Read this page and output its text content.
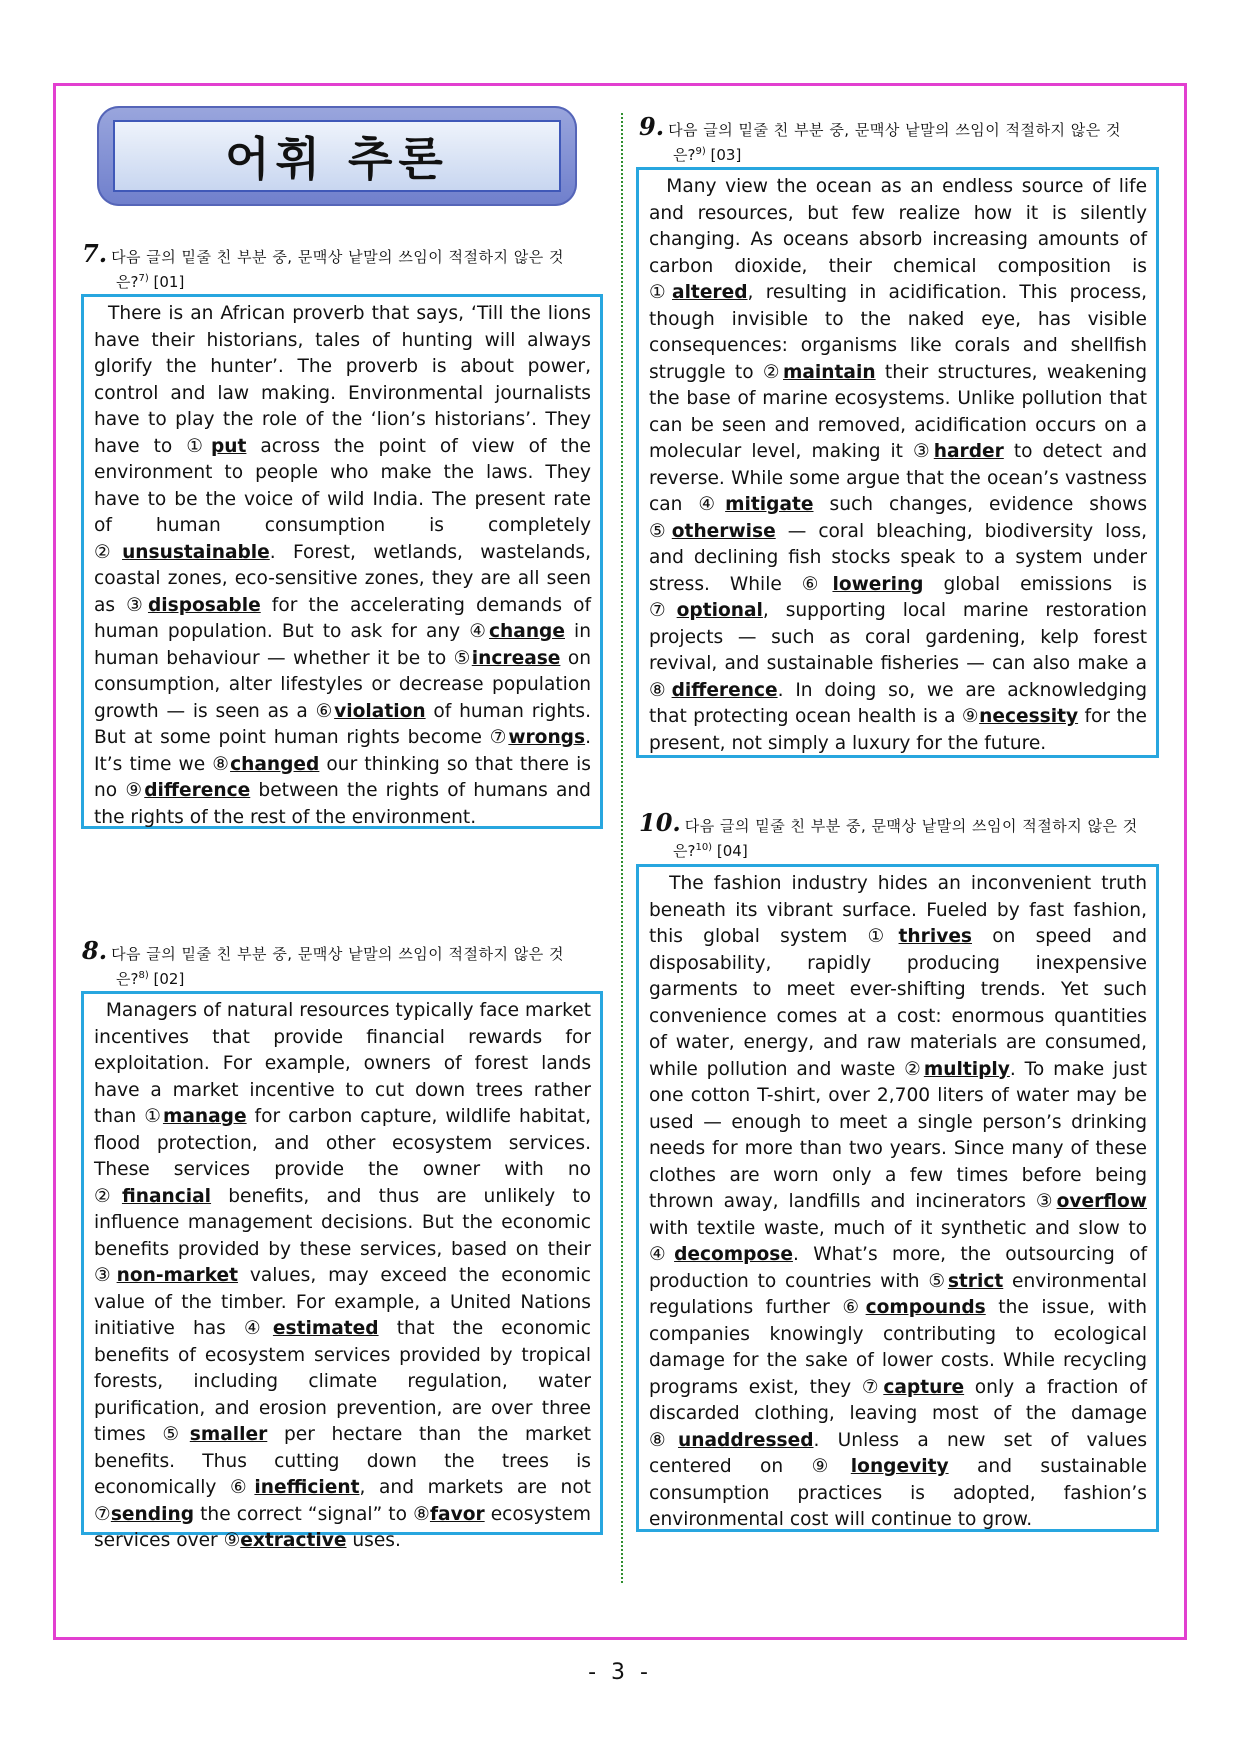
어휘 추론
7. 다음 글의 밑줄 친 부분 중, 문맥상 낱말의 쓰임이 적절하지 않은 것
은?$^{7)}$ [01]
There is an African proverb that says, ‘Till the lions have their historians, tales of hunting will always glorify the hunter’. The proverb is about power, control and law making. Environmental journalists have to play the role of the ‘lion’s historians’. They have to ①put across the point of view of the environment to people who make the laws. They have to be the voice of wild India. The present rate of human consumption is completely ②unsustainable. Forest, wetlands, wastelands, coastal zones, eco-sensitive zones, they are all seen as ③disposable for the accelerating demands of human population. But to ask for any ④change in human behaviour — whether it be to ⑤increase on consumption, alter lifestyles or decrease population growth — is seen as a ⑥violation of human rights. But at some point human rights become ⑦wrongs. It’s time we ⑧changed our thinking so that there is no ⑨difference between the rights of humans and the rights of the rest of the environment.
8. 다음 글의 밑줄 친 부분 중, 문맥상 낱말의 쓰임이 적절하지 않은 것
은?$^{8)}$ [02]
Managers of natural resources typically face market incentives that provide financial rewards for exploitation. For example, owners of forest lands have a market incentive to cut down trees rather than ①manage for carbon capture, wildlife habitat, flood protection, and other ecosystem services. These services provide the owner with no ②financial benefits, and thus are unlikely to influence management decisions. But the economic benefits provided by these services, based on their ③non-market values, may exceed the economic value of the timber. For example, a United Nations initiative has ④estimated that the economic benefits of ecosystem services provided by tropical forests, including climate regulation, water purification, and erosion prevention, are over three times ⑤smaller per hectare than the market benefits. Thus cutting down the trees is economically ⑥inefficient, and markets are not ⑦sending the correct “signal” to ⑧favor ecosystem services over ⑨extractive uses.
9. 다음 글의 밑줄 친 부분 중, 문맥상 낱말의 쓰임이 적절하지 않은 것
은?$^{9)}$ [03]
Many view the ocean as an endless source of life and resources, but few realize how it is silently changing. As oceans absorb increasing amounts of carbon dioxide, their chemical composition is ①altered, resulting in acidification. This process, though invisible to the naked eye, has visible consequences: organisms like corals and shellfish struggle to ②maintain their structures, weakening the base of marine ecosystems. Unlike pollution that can be seen and removed, acidification occurs on a molecular level, making it ③harder to detect and reverse. While some argue that the ocean’s vastness can ④mitigate such changes, evidence shows ⑤otherwise — coral bleaching, biodiversity loss, and declining fish stocks speak to a system under stress. While ⑥lowering global emissions is ⑦optional, supporting local marine restoration projects — such as coral gardening, kelp forest revival, and sustainable fisheries — can also make a ⑧difference. In doing so, we are acknowledging that protecting ocean health is a ⑨necessity for the present, not simply a luxury for the future.
10. 다음 글의 밑줄 친 부분 중, 문맥상 낱말의 쓰임이 적절하지 않은 것
은?$^{10)}$ [04]
The fashion industry hides an inconvenient truth beneath its vibrant surface. Fueled by fast fashion, this global system ①thrives on speed and disposability, rapidly producing inexpensive garments to meet ever-shifting trends. Yet such convenience comes at a cost: enormous quantities of water, energy, and raw materials are consumed, while pollution and waste ②multiply. To make just one cotton T-shirt, over 2,700 liters of water may be used — enough to meet a single person’s drinking needs for more than two years. Since many of these clothes are worn only a few times before being thrown away, landfills and incinerators ③overflow with textile waste, much of it synthetic and slow to ④decompose. What’s more, the outsourcing of production to countries with ⑤strict environmental regulations further ⑥compounds the issue, with companies knowingly contributing to ecological damage for the sake of lower costs. While recycling programs exist, they ⑦capture only a fraction of discarded clothing, leaving most of the damage ⑧unaddressed. Unless a new set of values centered on ⑨longevity and sustainable consumption practices is adopted, fashion’s environmental cost will continue to grow.
- 3 -
